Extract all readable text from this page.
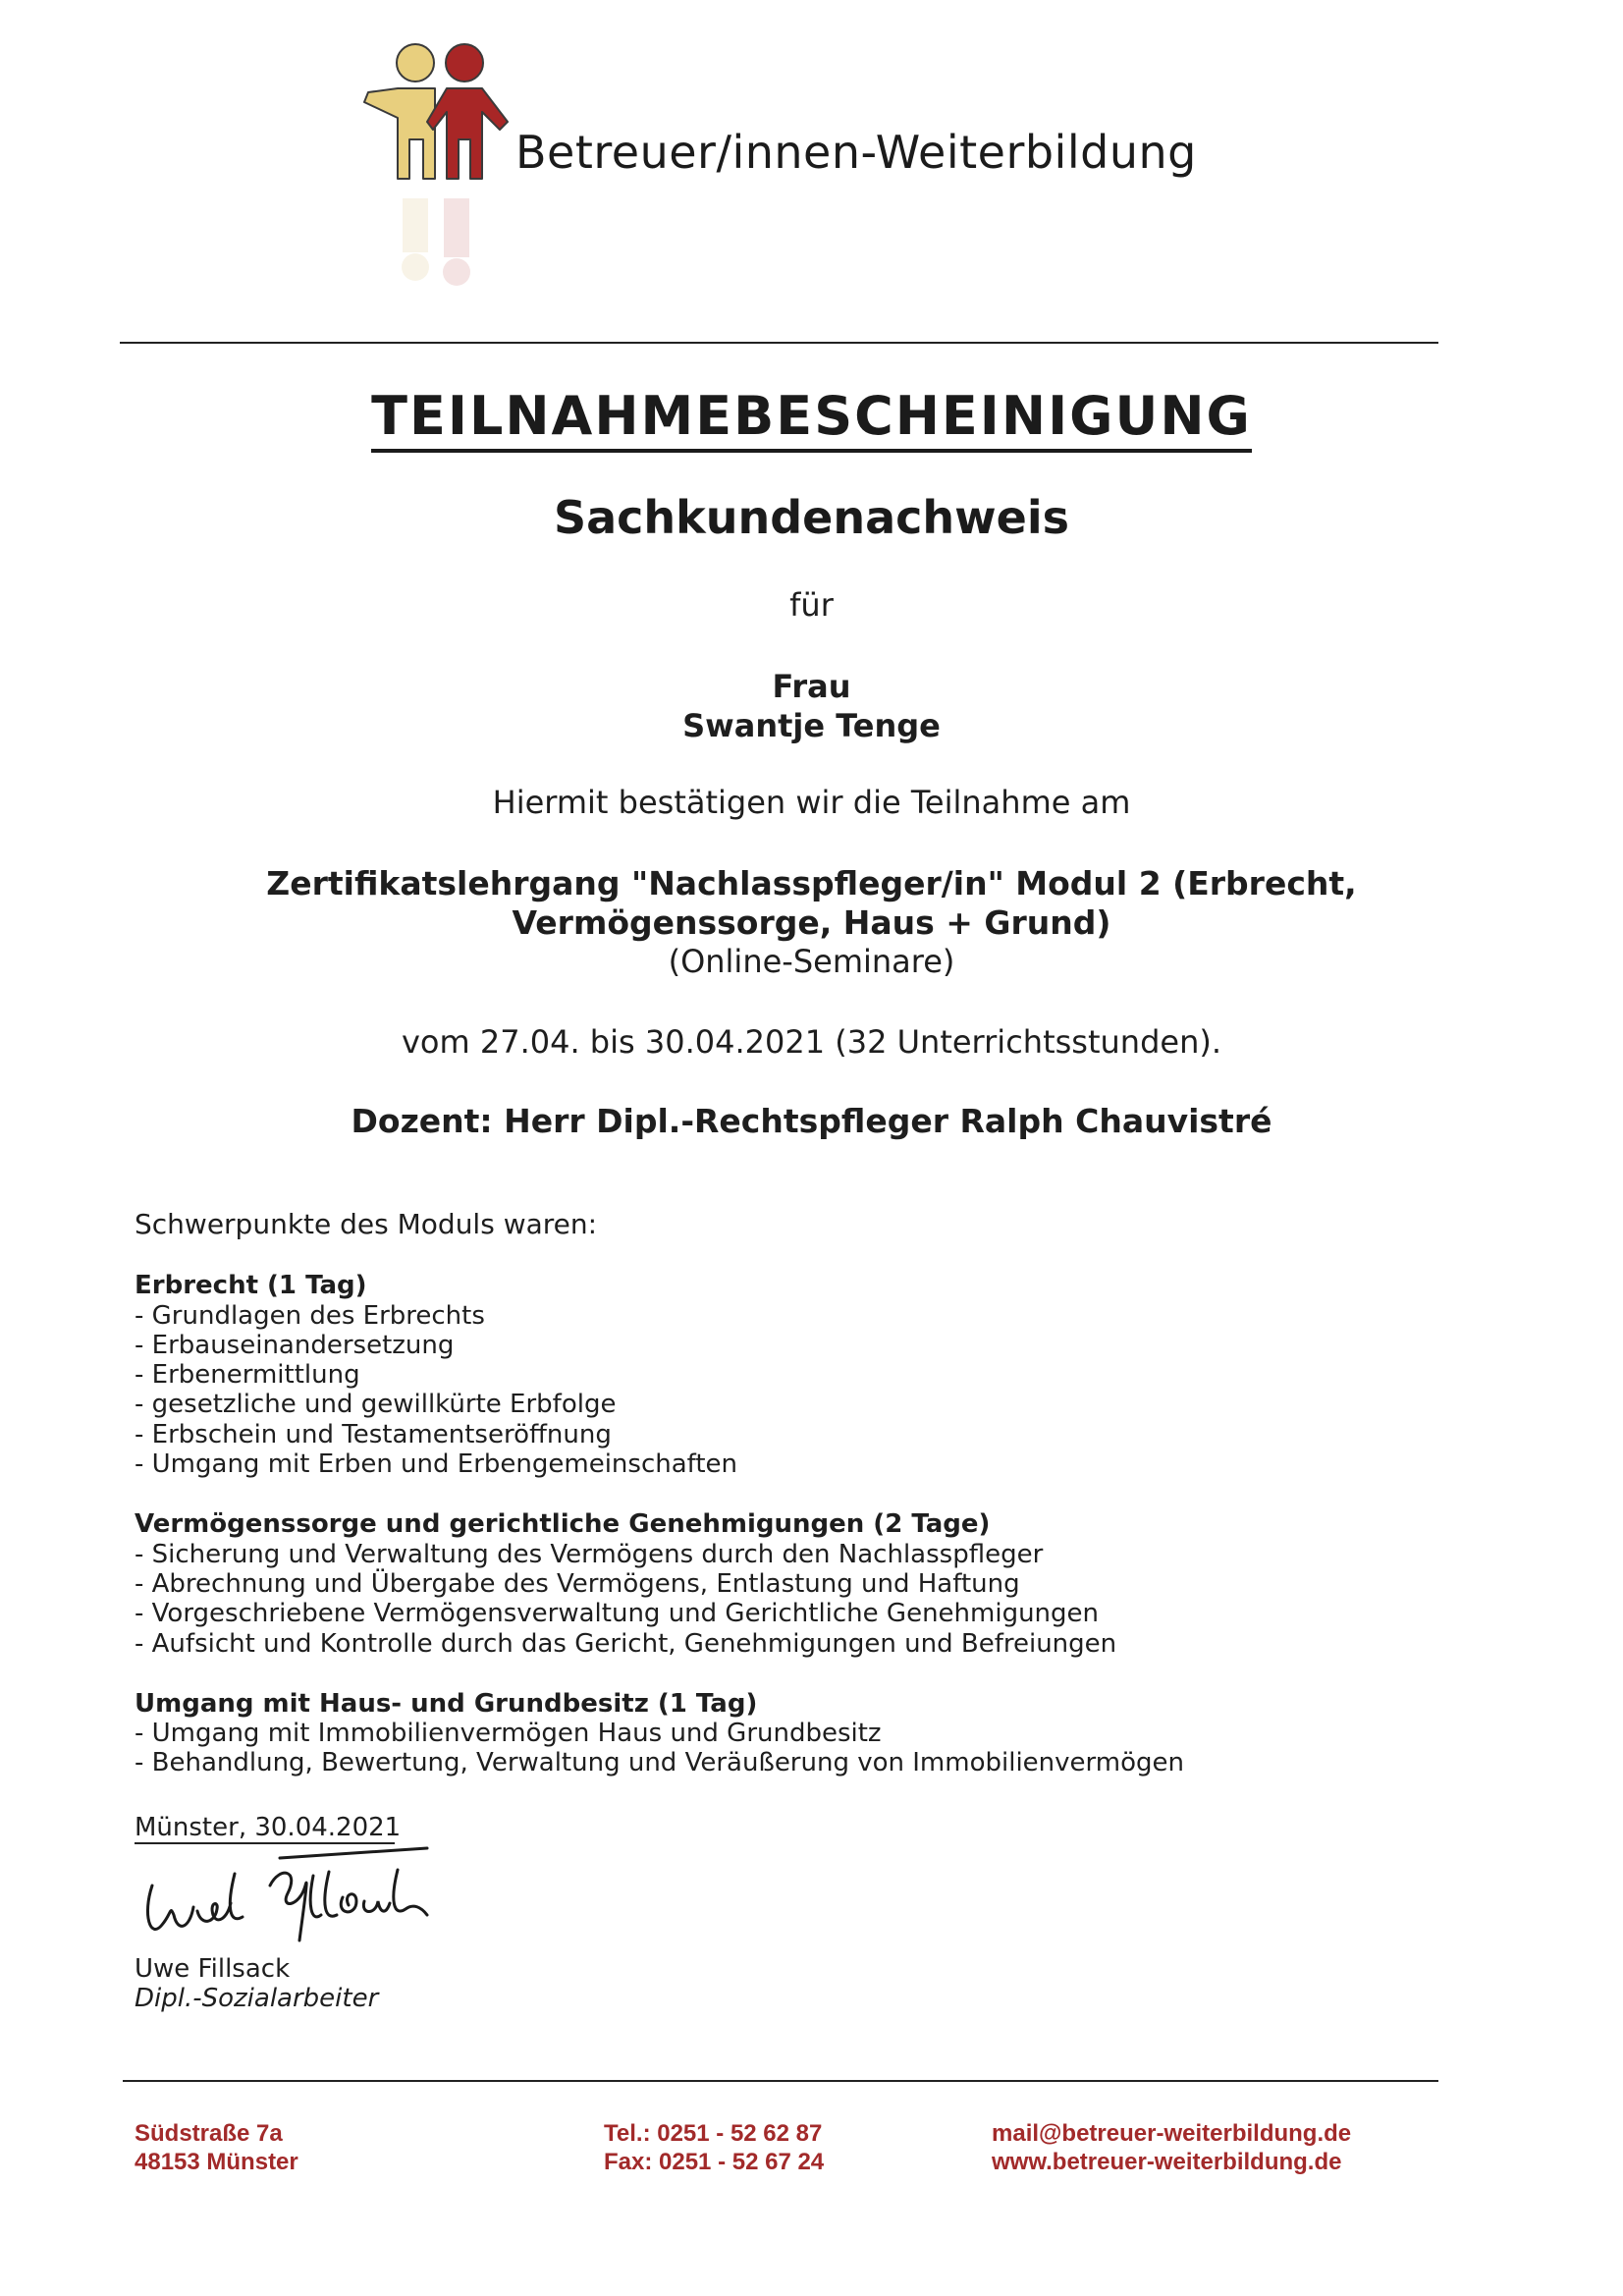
Betreuer/innen-Weiterbildung
TEILNAHMEBESCHEINIGUNG
Sachkundenachweis
für
Frau
Swantje Tenge
Hiermit bestätigen wir die Teilnahme am
Zertifikatslehrgang "Nachlasspfleger/in" Modul 2 (Erbrecht,
Vermögenssorge, Haus + Grund)
(Online-Seminare)
vom 27.04. bis 30.04.2021 (32 Unterrichtsstunden).
Dozent: Herr Dipl.-Rechtspfleger Ralph Chauvistré
Schwerpunkte des Moduls waren:
Erbrecht (1 Tag)
- Grundlagen des Erbrechts
- Erbauseinandersetzung
- Erbenermittlung
- gesetzliche und gewillkürte Erbfolge
- Erbschein und Testamentseröffnung
- Umgang mit Erben und Erbengemeinschaften
Vermögenssorge und gerichtliche Genehmigungen (2 Tage)
- Sicherung und Verwaltung des Vermögens durch den Nachlasspfleger
- Abrechnung und Übergabe des Vermögens, Entlastung und Haftung
- Vorgeschriebene Vermögensverwaltung und Gerichtliche Genehmigungen
- Aufsicht und Kontrolle durch das Gericht, Genehmigungen und Befreiungen
Umgang mit Haus- und Grundbesitz (1 Tag)
- Umgang mit Immobilienvermögen Haus und Grundbesitz
- Behandlung, Bewertung, Verwaltung und Veräußerung von Immobilienvermögen
Münster, 30.04.2021
Uwe Fillsack
Dipl.-Sozialarbeiter
Südstraße 7a
48153 Münster
Tel.: 0251 - 52 62 87
Fax: 0251 - 52 67 24
mail@betreuer-weiterbildung.de
www.betreuer-weiterbildung.de
